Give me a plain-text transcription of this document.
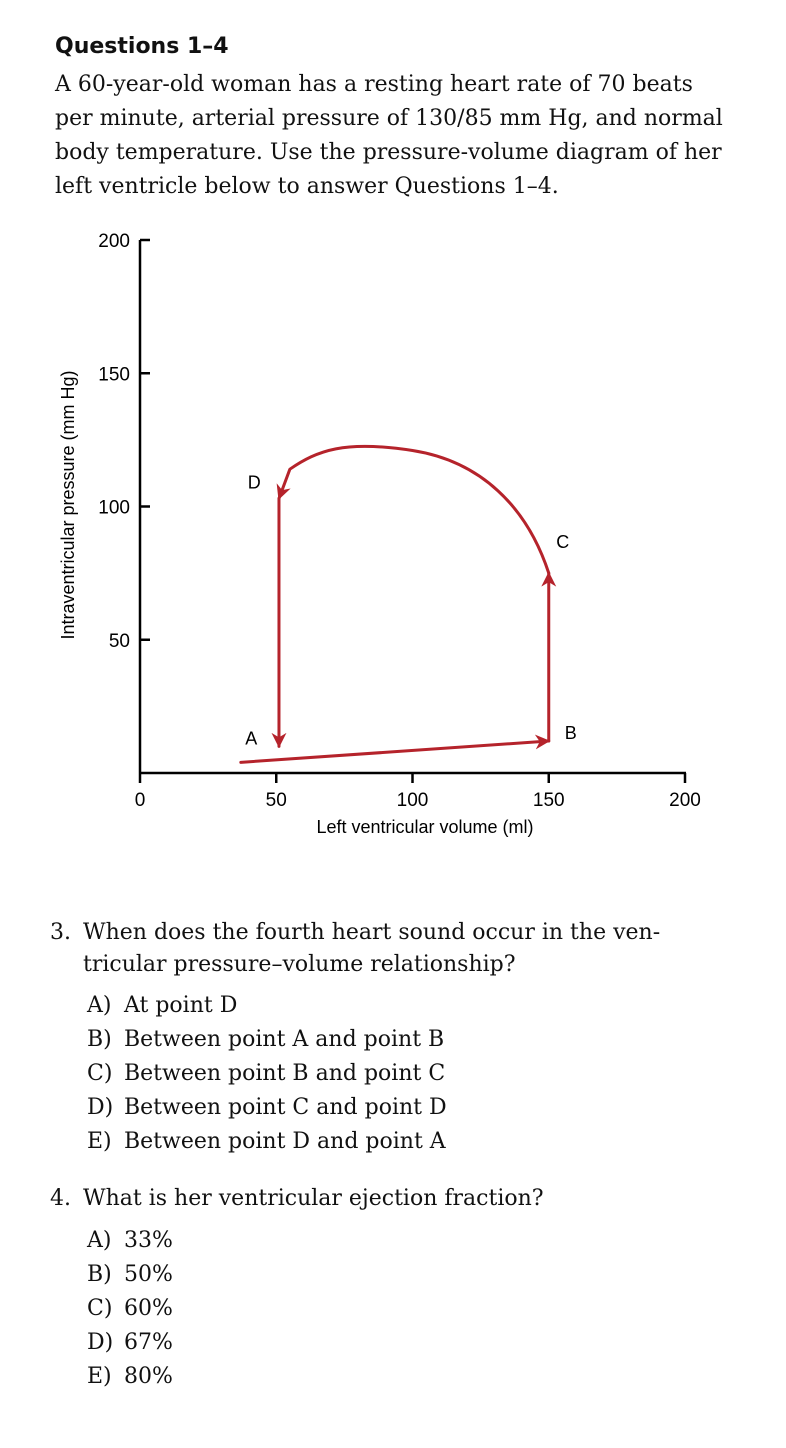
Questions 1–4
A 60-year-old woman has a resting heart rate of 70 beats
per minute, arterial pressure of 130/85 mm Hg, and normal
body temperature. Use the pressure-volume diagram of her
left ventricle below to answer Questions 1–4.
50
100
150
200
0	50	100	150	200
Intraventricular pressure (mm Hg)
Left ventricular volume (ml)
A	B
C
D
3. When does the fourth heart sound occur in the ven-
tricular pressure–volume relationship?
A) At point D
B) Between point A and point B
C) Between point B and point C
D) Between point C and point D
E) Between point D and point A
4. What is her ventricular ejection fraction?
A) 33%
B) 50%
C) 60%
D) 67%
E) 80%
